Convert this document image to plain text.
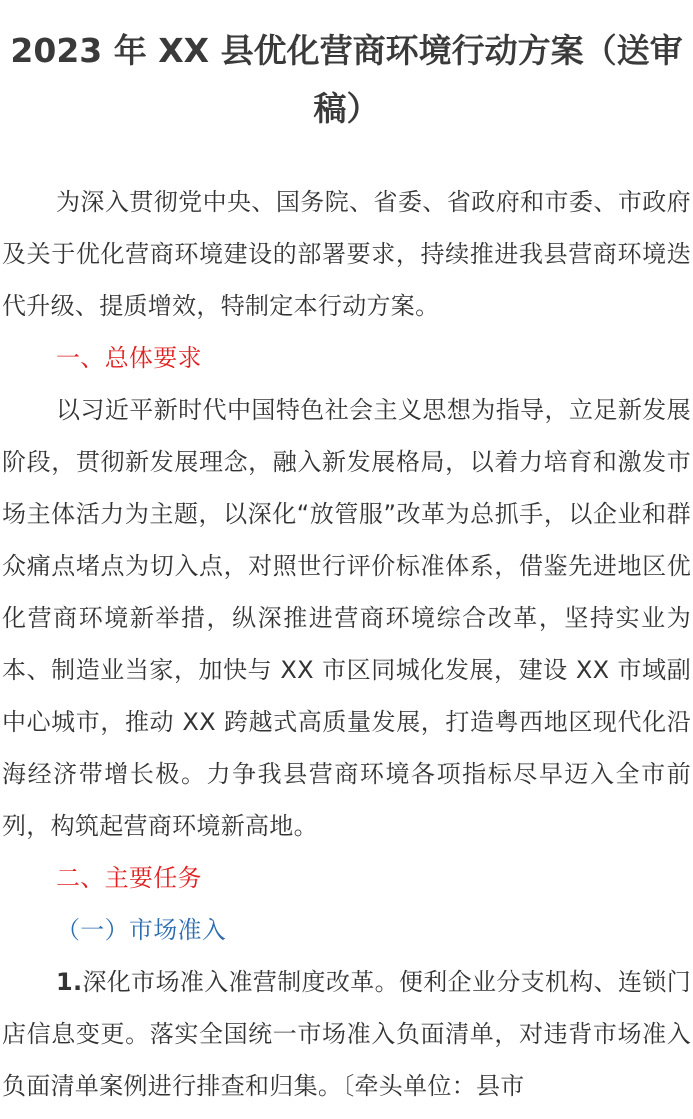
2023 年 XX 县优化营商环境行动方案（送审稿）

为深入贯彻党中央、国务院、省委、省政府和市委、市政府及关于优化营商环境建设的部署要求，持续推进我县营商环境迭代升级、提质增效，特制定本行动方案。

一、总体要求

以习近平新时代中国特色社会主义思想为指导，立足新发展阶段，贯彻新发展理念，融入新发展格局，以着力培育和激发市场主体活力为主题，以深化“放管服”改革为总抓手，以企业和群众痛点堵点为切入点，对照世行评价标准体系，借鉴先进地区优化营商环境新举措，纵深推进营商环境综合改革，坚持实业为本、制造业当家，加快与 XX 市区同城化发展，建设 XX 市域副中心城市，推动 XX 跨越式高质量发展，打造粤西地区现代化沿海经济带增长极。力争我县营商环境各项指标尽早迈入全市前列，构筑起营商环境新高地。

二、主要任务

（一）市场准入

1.深化市场准入准营制度改革。便利企业分支机构、连锁门店信息变更。落实全国统一市场准入负面清单，对违背市场准入负面清单案例进行排查和归集。〔牵头单位：县市
